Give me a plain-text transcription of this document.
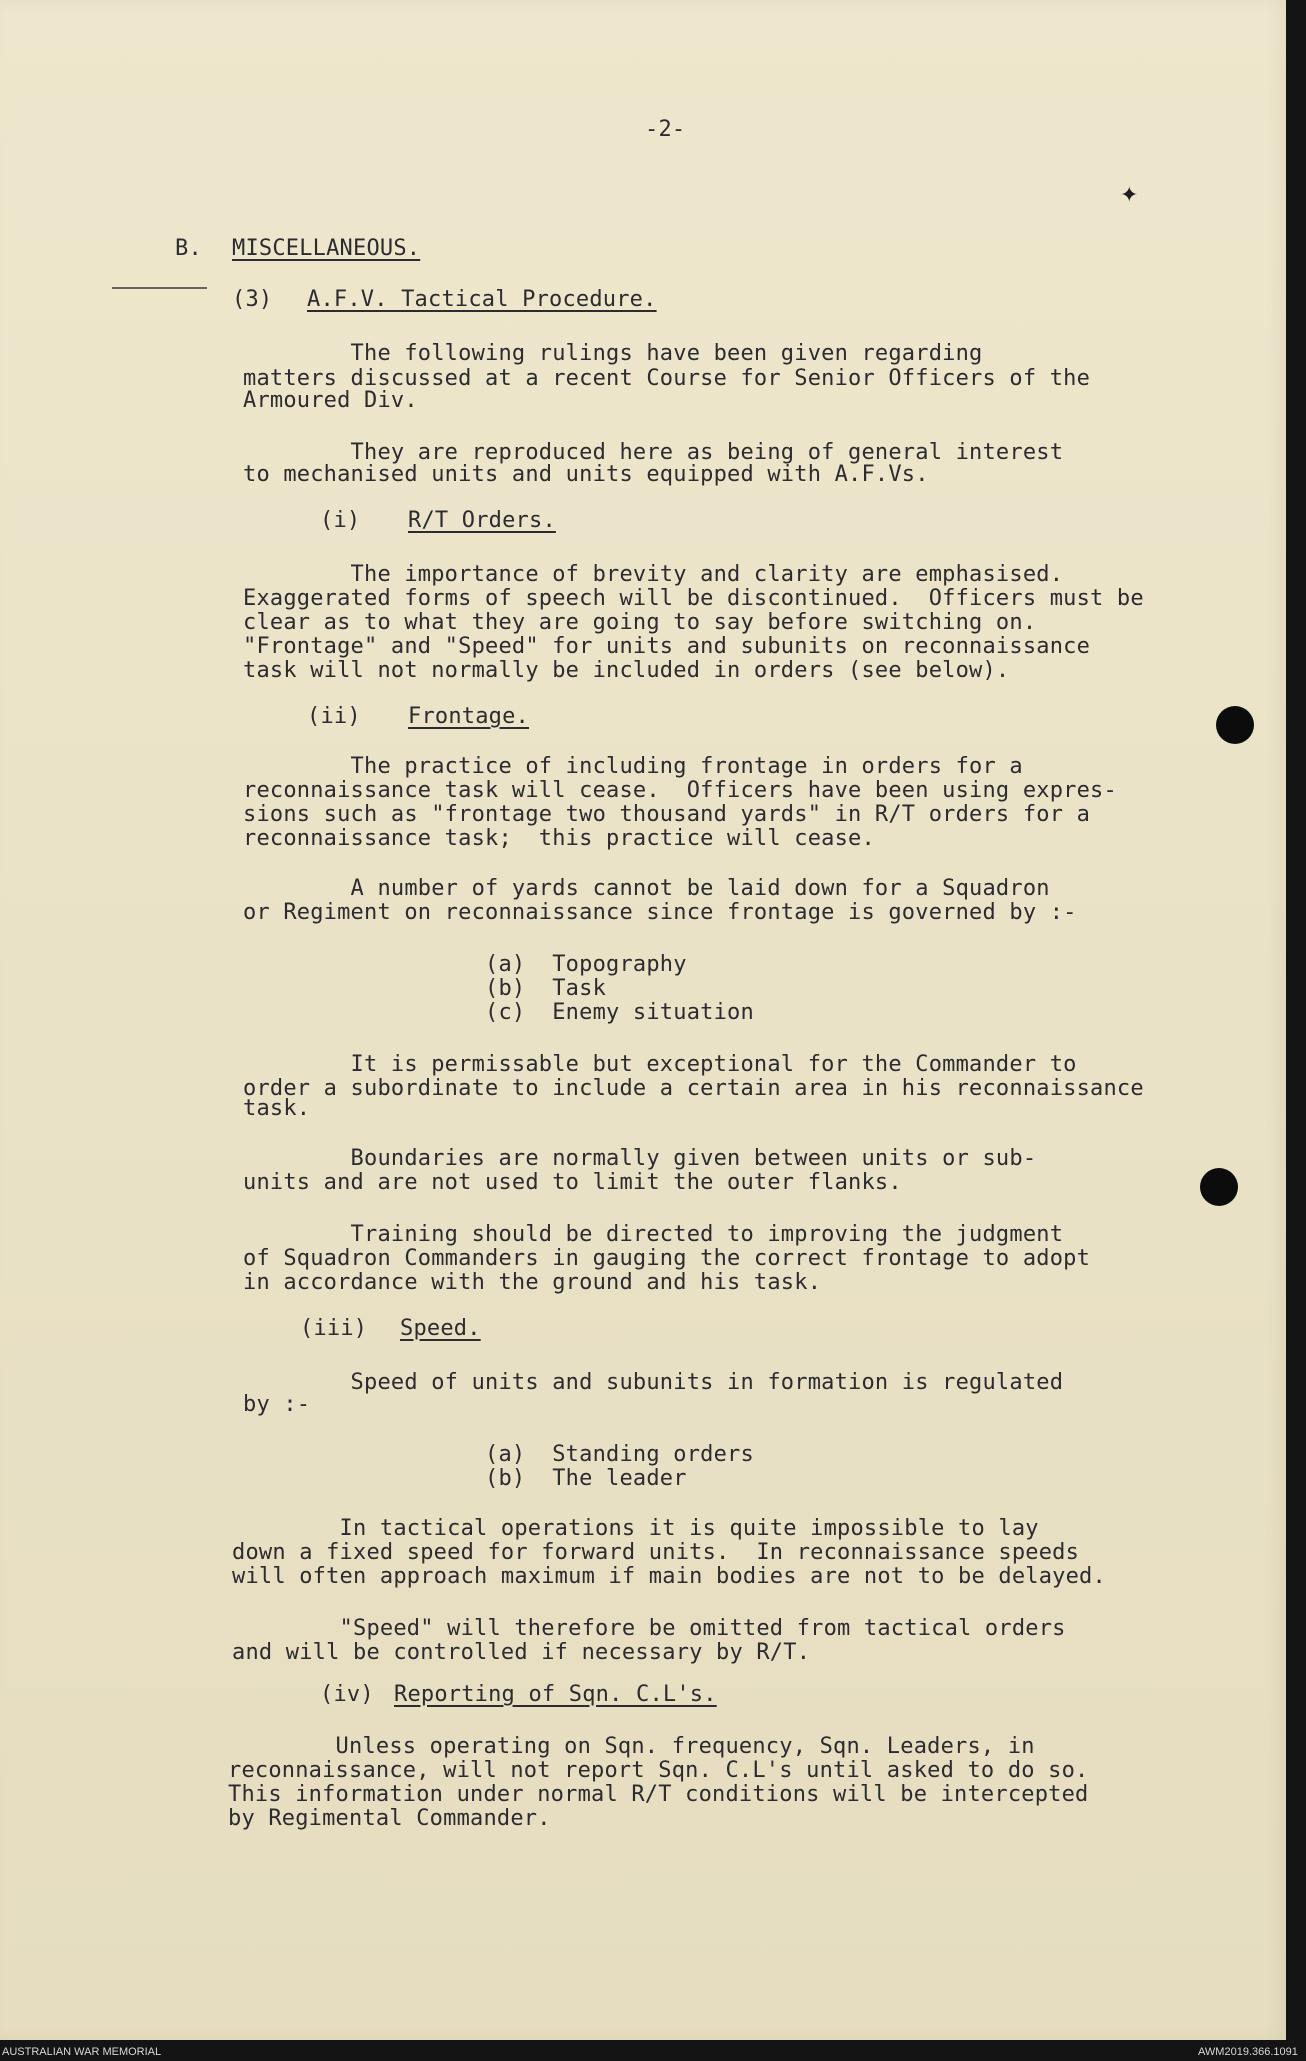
-2-
✦
B. MISCELLANEOUS.
(3) A.F.V. Tactical Procedure.
The following rulings have been given regarding
matters discussed at a recent Course for Senior Officers of the
Armoured Div.
They are reproduced here as being of general interest
to mechanised units and units equipped with A.F.Vs.
(i) R/T Orders.
The importance of brevity and clarity are emphasised.
Exaggerated forms of speech will be discontinued.  Officers must be
clear as to what they are going to say before switching on.
"Frontage" and "Speed" for units and subunits on reconnaissance
task will not normally be included in orders (see below).
(ii) Frontage.
The practice of including frontage in orders for a
reconnaissance task will cease.  Officers have been using expres-
sions such as "frontage two thousand yards" in R/T orders for a
reconnaissance task;  this practice will cease.
A number of yards cannot be laid down for a Squadron
or Regiment on reconnaissance since frontage is governed by :-
(a)  Topography
(b)  Task
(c)  Enemy situation
It is permissable but exceptional for the Commander to
order a subordinate to include a certain area in his reconnaissance
task.
Boundaries are normally given between units or sub-
units and are not used to limit the outer flanks.
Training should be directed to improving the judgment
of Squadron Commanders in gauging the correct frontage to adopt
in accordance with the ground and his task.
(iii) Speed.
Speed of units and subunits in formation is regulated
by :-
(a)  Standing orders
(b)  The leader
In tactical operations it is quite impossible to lay
down a fixed speed for forward units.  In reconnaissance speeds
will often approach maximum if main bodies are not to be delayed.
"Speed" will therefore be omitted from tactical orders
and will be controlled if necessary by R/T.
(iv) Reporting of Sqn. C.L's.
Unless operating on Sqn. frequency, Sqn. Leaders, in
reconnaissance, will not report Sqn. C.L's until asked to do so.
This information under normal R/T conditions will be intercepted
by Regimental Commander.
AUSTRALIAN WAR MEMORIAL	AWM2019.366.1091
